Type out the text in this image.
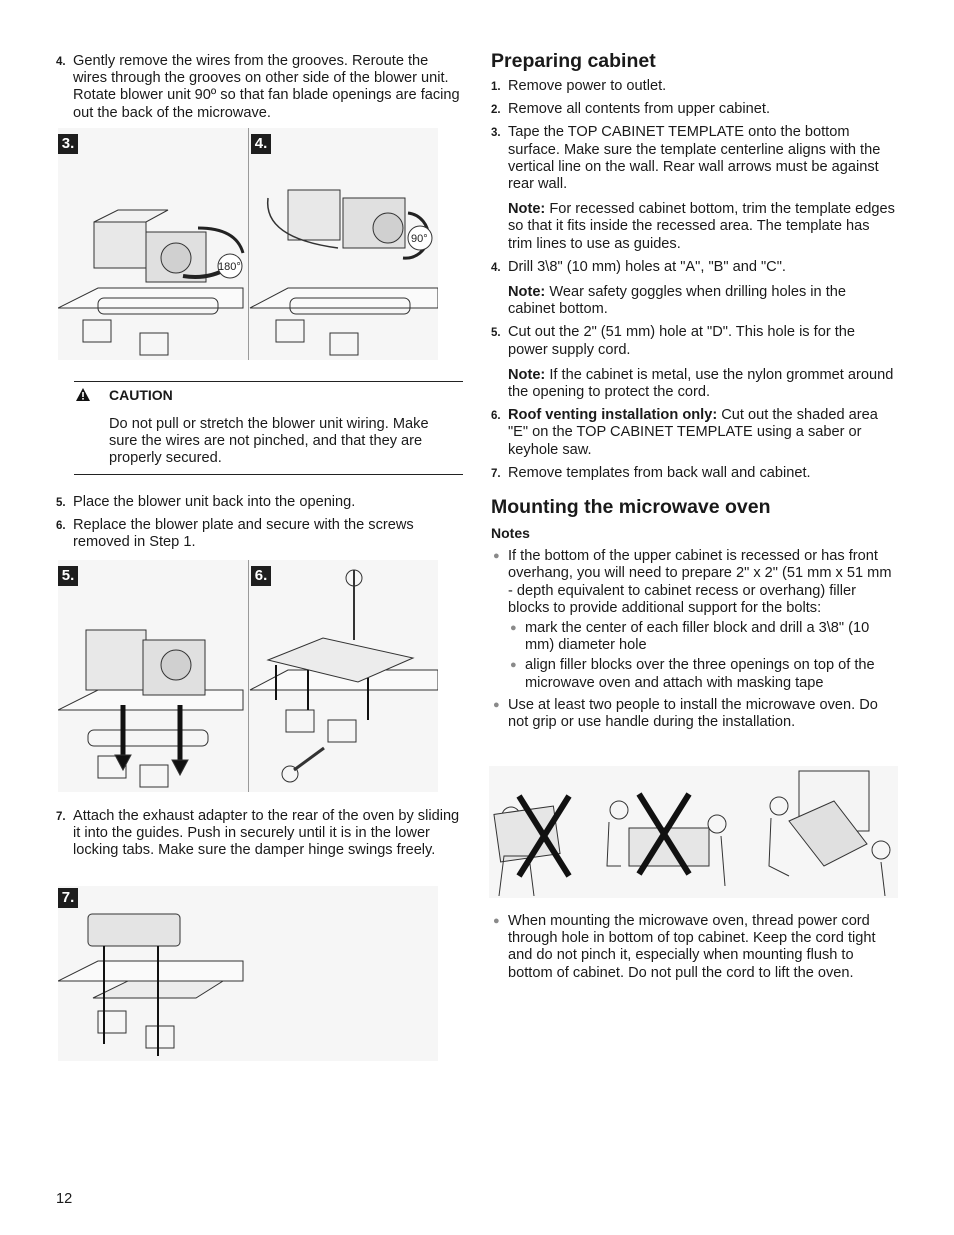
4. Gently remove the wires from the grooves. Reroute the wires through the grooves on other side of the blower unit. Rotate blower unit 90º so that fan blade openings are facing out the back of the microwave.

3.	4.
180°
90°
CAUTION
Do not pull or stretch the blower unit wiring. Make sure the wires are not pinched, and that they are properly secured.

5. Place the blower unit back into the opening.

6. Replace the blower plate and secure with the screws removed in Step 1.

5.	6.

7. Attach the exhaust adapter to the rear of the oven by sliding it into the guides. Push in securely until it is in the lower locking tabs. Make sure the damper hinge swings freely.

7.
Preparing cabinet

1. Remove power to outlet.

2. Remove all contents from upper cabinet.

3. Tape the TOP CABINET TEMPLATE onto the bottom surface. Make sure the template centerline aligns with the vertical line on the wall. Rear wall arrows must be against rear wall.

Note: For recessed cabinet bottom, trim the template edges so that it fits inside the recessed area. The template has trim lines to use as guides.

4. Drill 3\8" (10 mm) holes at "A", "B" and "C".

Note: Wear safety goggles when drilling holes in the cabinet bottom.

5. Cut out the 2" (51 mm) hole at "D". This hole is for the power supply cord.

Note: If the cabinet is metal, use the nylon grommet around the opening to protect the cord.

6. Roof venting installation only: Cut out the shaded area "E" on the TOP CABINET TEMPLATE using a saber or keyhole saw.

7. Remove templates from back wall and cabinet.

Mounting the microwave oven
Notes
● If the bottom of the upper cabinet is recessed or has front overhang, you will need to prepare 2" x 2" (51 mm x 51 mm - depth equivalent to cabinet recess or overhang) filler blocks to provide additional support for the bolts:
● mark the center of each filler block and drill a 3\8" (10 mm) diameter hole
● align filler blocks over the three openings on top of the microwave oven and attach with masking tape
● Use at least two people to install the microwave oven. Do not grip or use handle during the installation.
● When mounting the microwave oven, thread power cord through hole in bottom of top cabinet. Keep the cord tight and do not pinch it, especially when mounting flush to bottom of cabinet. Do not pull the cord to lift the oven.
12
